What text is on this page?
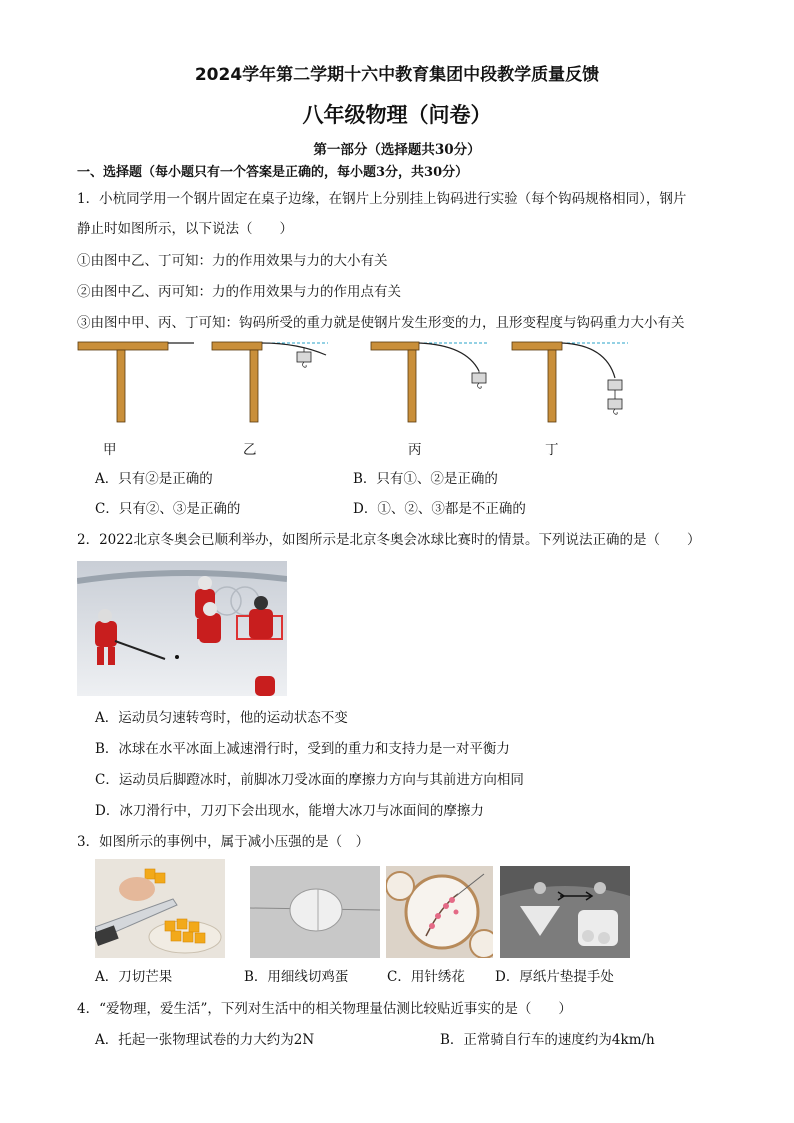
2024学年第二学期十六中教育集团中段教学质量反馈
八年级物理（问卷）
第一部分（选择题共30分）
一、选择题（每小题只有一个答案是正确的，每小题3分，共30分）
1．小杭同学用一个钢片固定在桌子边缘，在钢片上分别挂上钩码进行实验（每个钩码规格相同），钢片
静止时如图所示，以下说法（　　）
①由图中乙、丁可知：力的作用效果与力的大小有关
②由图中乙、丙可知：力的作用效果与力的作用点有关
③由图中甲、丙、丁可知：钩码所受的重力就是使钢片发生形变的力，且形变程度与钩码重力大小有关
甲	乙	丙	丁
A．只有②是正确的	B．只有①、②是正确的
C．只有②、③是正确的	D．①、②、③都是不正确的
2．2022北京冬奥会已顺利举办，如图所示是北京冬奥会冰球比赛时的情景。下列说法正确的是（　　）
A．运动员匀速转弯时，他的运动状态不变
B．冰球在水平冰面上减速滑行时，受到的重力和支持力是一对平衡力
C．运动员后脚蹬冰时，前脚冰刀受冰面的摩擦力方向与其前进方向相同
D．冰刀滑行中，刀刃下会出现水，能增大冰刀与冰面间的摩擦力
3．如图所示的事例中，属于减小压强的是（　）
A．刀切芒果	B．用细线切鸡蛋	C．用针绣花 D．厚纸片垫提手处
4．“爱物理，爱生活”，下列对生活中的相关物理量估测比较贴近事实的是（　　）
A．托起一张物理试卷的力大约为2N	B．正常骑自行车的速度约为4km/h
